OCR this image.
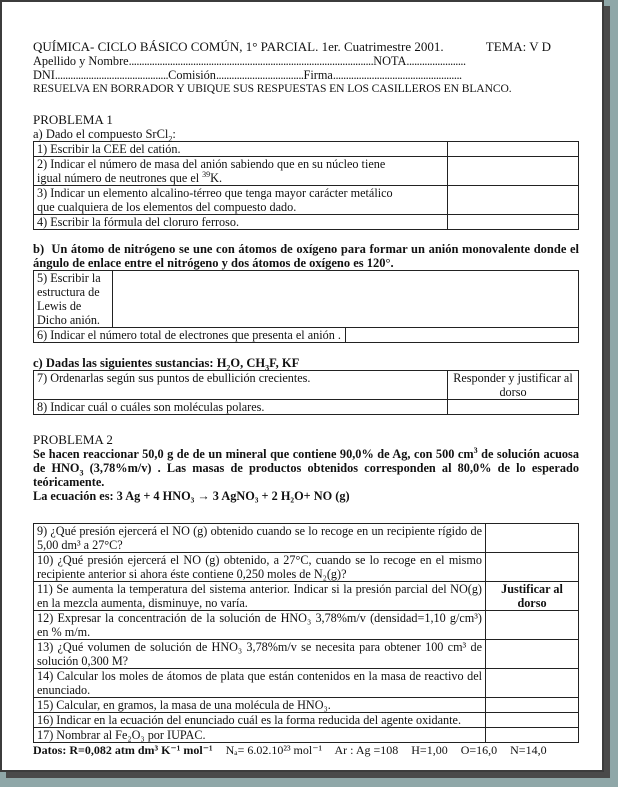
QUÍMICA- CICLO BÁSICO COMÚN, 1° PARCIAL. 1er. Cuatrimestre 2001.	TEMA: V D
Apellido y Nombre...............................................................................................NOTA.......................
DNI............................................Comisión..................................Firma..................................................
RESUELVA EN BORRADOR Y UBIQUE SUS RESPUESTAS EN LOS CASILLEROS EN BLANCO.
PROBLEMA 1
a) Dado el compuesto SrCl$_2$:
1) Escribir la CEE del catión.	
2) Indicar el número de masa del anión sabiendo que en su núcleo tiene igual número de neutrones que el $^{39}$K.	
3) Indicar un elemento alcalino-térreo que tenga mayor carácter metálico que cualquiera de los elementos del compuesto dado.	
4) Escribir la fórmula del cloruro ferroso.	
b) Un átomo de nitrógeno se une con átomos de oxígeno para formar un anión monovalente donde el ángulo de enlace entre el nitrógeno y dos átomos de oxígeno es 120°.
5) Escribir la
estructura de
Lewis de
Dicho anión.		

6) Indicar el número total de electrones que presenta el anión .		
c) Dadas las siguientes sustancias: $H_2O$, $CH_3F$, KF
7) Ordenarlas según sus puntos de ebullición crecientes.	Responder y justificar al dorso
8) Indicar cuál o cuáles son moléculas polares.	
PROBLEMA 2
Se hacen reaccionar 50,0 g de de un mineral que contiene 90,0% de Ag, con 500 $cm^3$ de solución acuosa de $HNO_3$ (3,78%m/v) . Las masas de productos obtenidos corresponden al 80,0% de lo esperado teóricamente.
La ecuación es: 3 Ag + 4 HNO₃ → 3 AgNO₃ + 2 H₂O+ NO (g)
9) ¿Qué presión ejercerá el NO (g) obtenido cuando se lo recoge en un recipiente rígido de 5,00 dm³ a 27°C?	
10) ¿Qué presión ejercerá el NO (g) obtenido, a 27°C, cuando se lo recoge en el mismo recipiente anterior si ahora éste contiene 0,250 moles de N₂(g)?	
11) Se aumenta la temperatura del sistema anterior. Indicar si la presión parcial del NO(g) en la mezcla aumenta, disminuye, no varía.	Justificar al dorso
12) Expresar la concentración de la solución de HNO₃ 3,78%m/v (densidad=1,10 g/cm³) en % m/m.	
13) ¿Qué volumen de solución de HNO₃ 3,78%m/v se necesita para obtener 100 cm³ de solución 0,300 M?	
14) Calcular los moles de átomos de plata que están contenidos en la masa de reactivo del enunciado.	
15) Calcular, en gramos, la masa de una molécula de HNO₃.	
16) Indicar en la ecuación del enunciado cuál es la forma reducida del agente oxidante.	
17) Nombrar al Fe₂O₃ por IUPAC.	
Datos: R=0,082 atm dm³ K⁻¹ mol⁻¹ Nₐ= 6.02.10²³ mol⁻¹ Ar : Ag =108 H=1,00 O=16,0 N=14,0
